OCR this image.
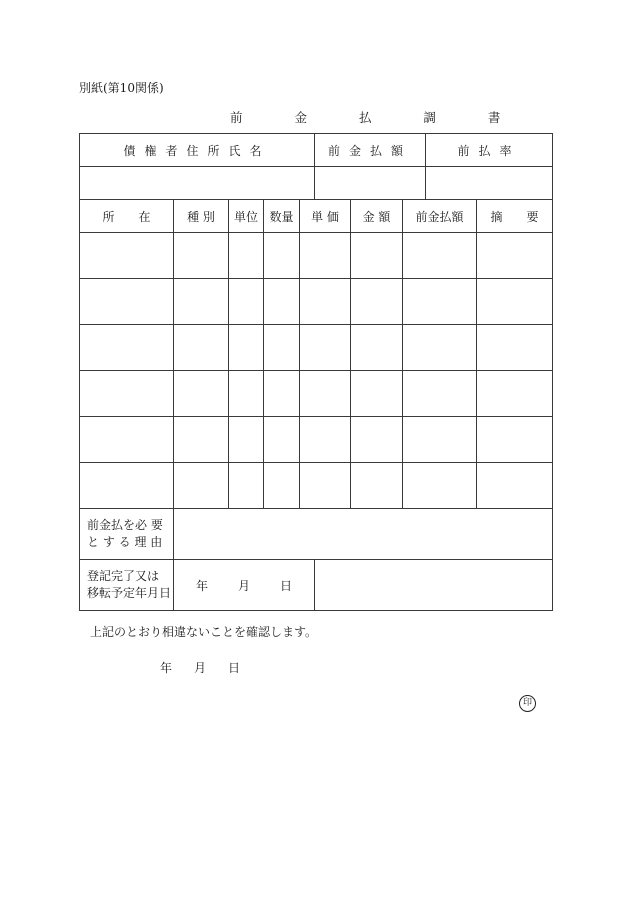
別紙(第10関係)
前 金 払 調 書
債権者住所氏名	前金払額	前払率

所　　在	種 別	単位	数量	単 価	金 額	前金払額	摘　　要

前金払を必 要
と す る 理 由		

登記完了又は
移転予定年月日	年 月 日	
上記のとおり相違ないことを確認します。
年 月 日
印
